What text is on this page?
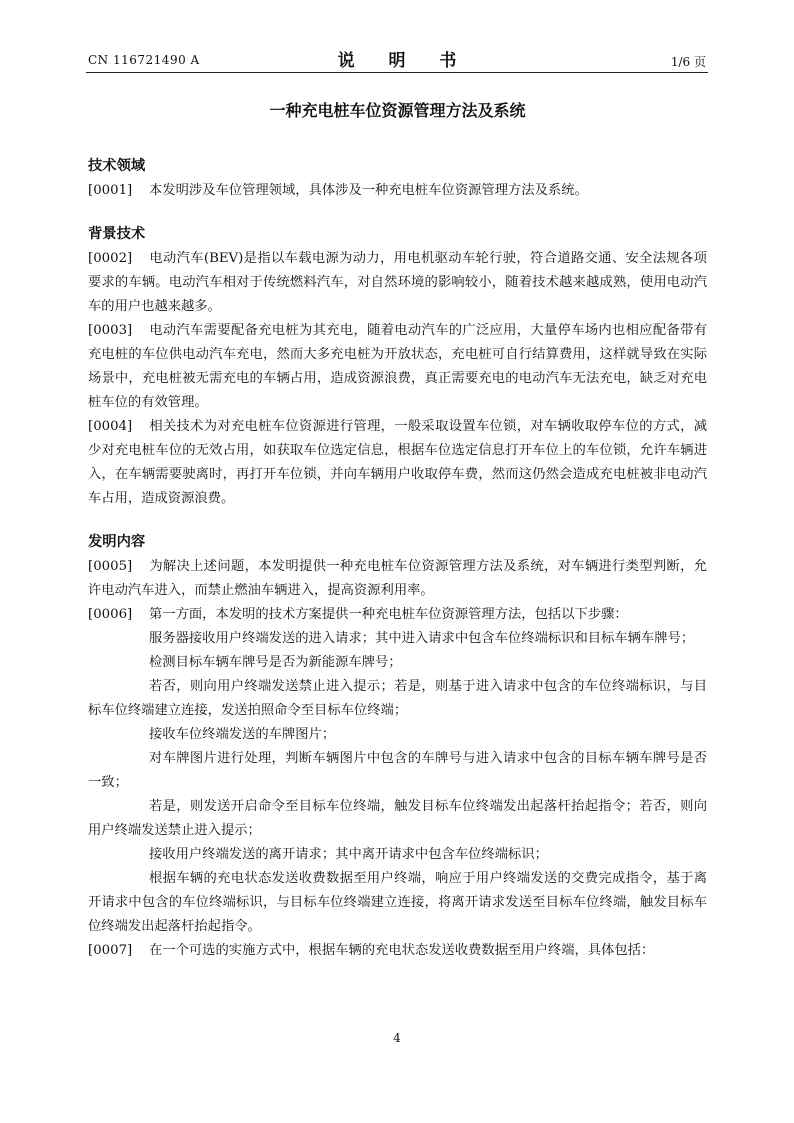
CN 116721490 A	说 明 书	1/6 页
一种充电桩车位资源管理方法及系统
技术领域

[0001] 本发明涉及车位管理领域，具体涉及一种充电桩车位资源管理方法及系统。

背景技术

[0002] 电动汽车(BEV)是指以车载电源为动力，用电机驱动车轮行驶，符合道路交通、安全法规各项要求的车辆。电动汽车相对于传统燃料汽车，对自然环境的影响较小，随着技术越来越成熟，使用电动汽车的用户也越来越多。

[0003] 电动汽车需要配备充电桩为其充电，随着电动汽车的广泛应用，大量停车场内也相应配备带有充电桩的车位供电动汽车充电，然而大多充电桩为开放状态，充电桩可自行结算费用，这样就导致在实际场景中，充电桩被无需充电的车辆占用，造成资源浪费，真正需要充电的电动汽车无法充电，缺乏对充电桩车位的有效管理。

[0004] 相关技术为对充电桩车位资源进行管理，一般采取设置车位锁，对车辆收取停车位的方式，减少对充电桩车位的无效占用，如获取车位选定信息，根据车位选定信息打开车位上的车位锁，允许车辆进入，在车辆需要驶离时，再打开车位锁，并向车辆用户收取停车费，然而这仍然会造成充电桩被非电动汽车占用，造成资源浪费。

发明内容

[0005] 为解决上述问题，本发明提供一种充电桩车位资源管理方法及系统，对车辆进行类型判断，允许电动汽车进入，而禁止燃油车辆进入，提高资源利用率。

[0006] 第一方面，本发明的技术方案提供一种充电桩车位资源管理方法，包括以下步骤：

服务器接收用户终端发送的进入请求；其中进入请求中包含车位终端标识和目标车辆车牌号；

检测目标车辆车牌号是否为新能源车牌号；

若否，则向用户终端发送禁止进入提示；若是，则基于进入请求中包含的车位终端标识，与目标车位终端建立连接，发送拍照命令至目标车位终端；

接收车位终端发送的车牌图片；

对车牌图片进行处理，判断车辆图片中包含的车牌号与进入请求中包含的目标车辆车牌号是否一致；

若是，则发送开启命令至目标车位终端，触发目标车位终端发出起落杆抬起指令；若否，则向用户终端发送禁止进入提示；

接收用户终端发送的离开请求；其中离开请求中包含车位终端标识；

根据车辆的充电状态发送收费数据至用户终端，响应于用户终端发送的交费完成指令，基于离开请求中包含的车位终端标识，与目标车位终端建立连接，将离开请求发送至目标车位终端，触发目标车位终端发出起落杆抬起指令。

[0007] 在一个可选的实施方式中，根据车辆的充电状态发送收费数据至用户终端，具体包括：

4
